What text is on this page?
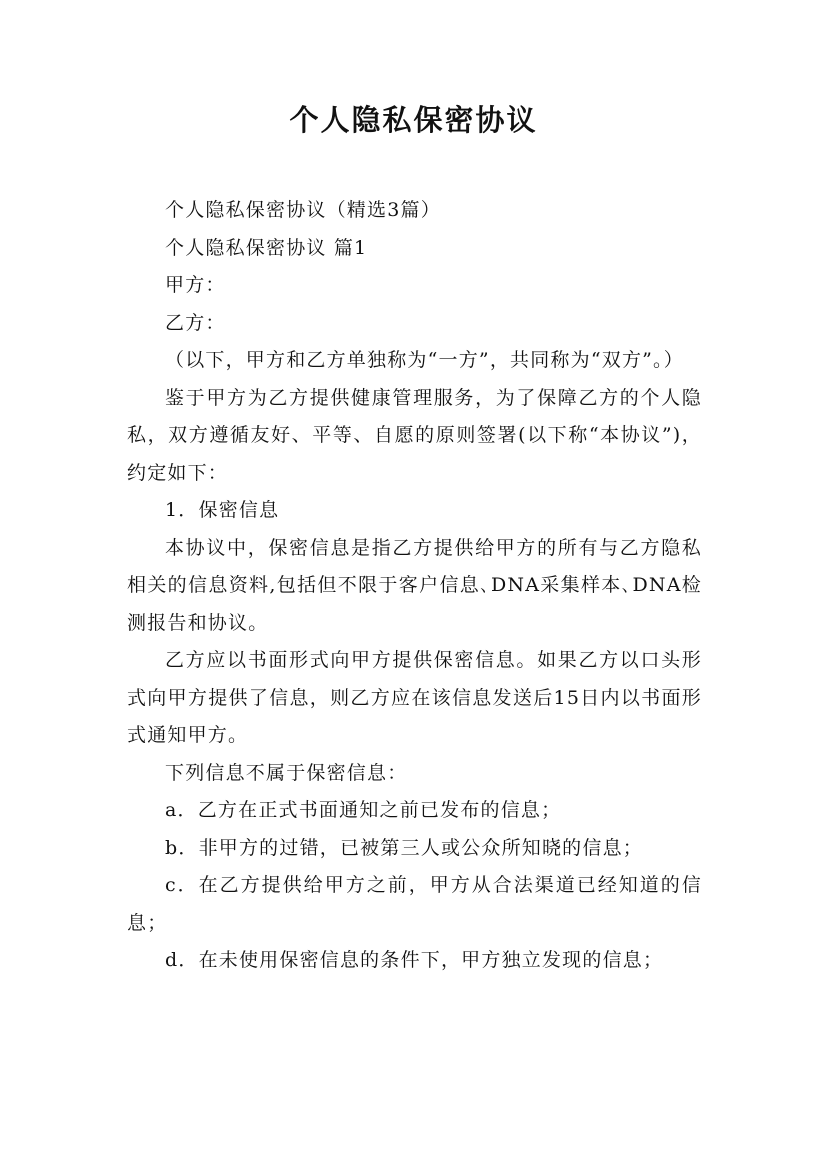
个人隐私保密协议

个人隐私保密协议（精选3篇）

个人隐私保密协议 篇1

甲方：

乙方：

（以下，甲方和乙方单独称为“一方”，共同称为“双方”。）

鉴于甲方为乙方提供健康管理服务，为了保障乙方的个人隐私，双方遵循友好、平等、自愿的原则签署(以下称“本协议”)，约定如下：

1．保密信息

本协议中，保密信息是指乙方提供给甲方的所有与乙方隐私相关的信息资料,包括但不限于客户信息､DNA采集样本､DNA检测报告和协议。

乙方应以书面形式向甲方提供保密信息。如果乙方以口头形式向甲方提供了信息，则乙方应在该信息发送后15日内以书面形式通知甲方。

下列信息不属于保密信息：

a．乙方在正式书面通知之前已发布的信息；

b．非甲方的过错，已被第三人或公众所知晓的信息；

c．在乙方提供给甲方之前，甲方从合法渠道已经知道的信息；

d．在未使用保密信息的条件下，甲方独立发现的信息；
